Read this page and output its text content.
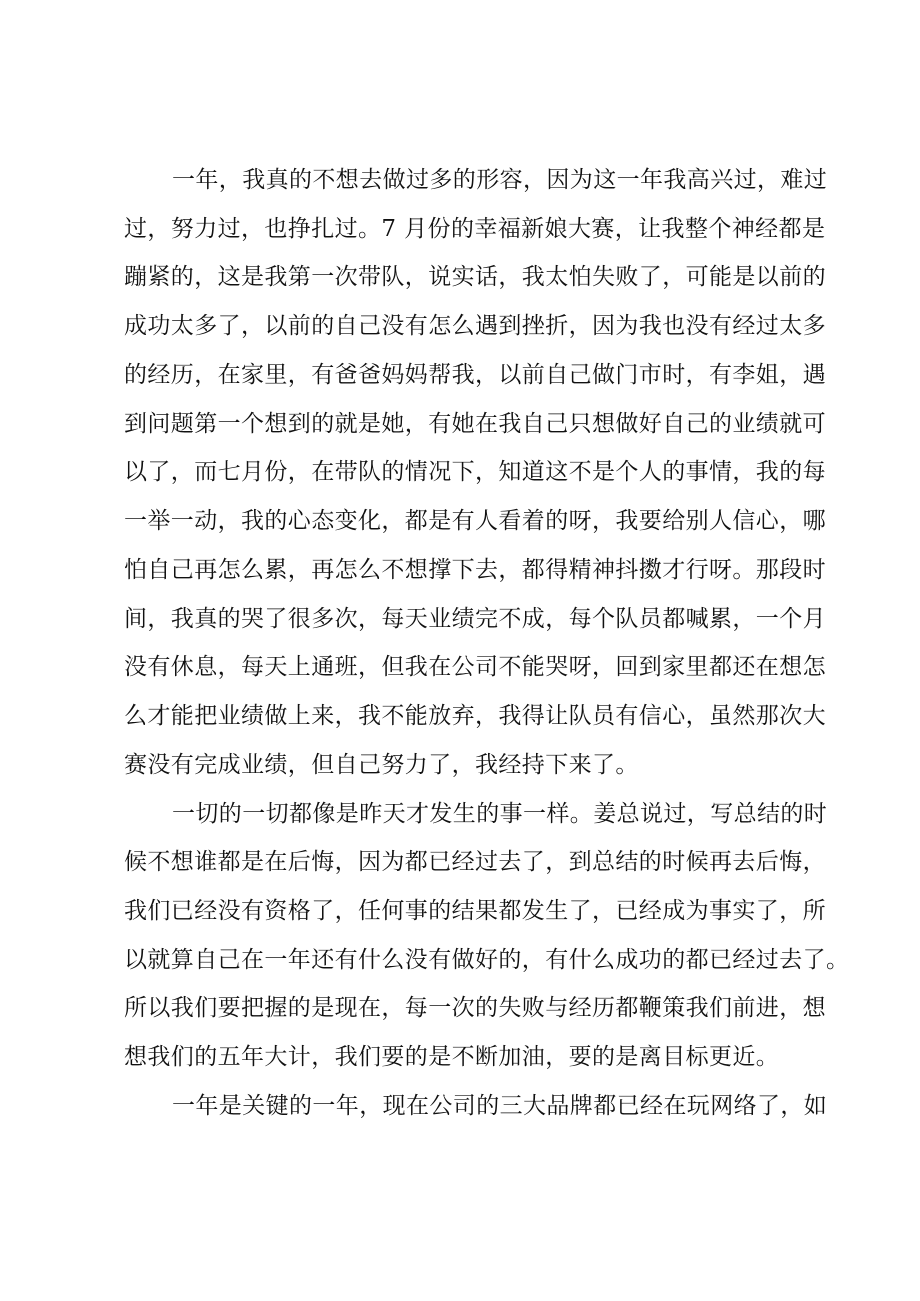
一年，我真的不想去做过多的形容，因为这一年我高兴过，难过
过，努力过，也挣扎过。7 月份的幸福新娘大赛，让我整个神经都是
蹦紧的，这是我第一次带队，说实话，我太怕失败了，可能是以前的
成功太多了，以前的自己没有怎么遇到挫折，因为我也没有经过太多
的经历，在家里，有爸爸妈妈帮我，以前自己做门市时，有李姐，遇
到问题第一个想到的就是她，有她在我自己只想做好自己的业绩就可
以了，而七月份，在带队的情况下，知道这不是个人的事情，我的每
一举一动，我的心态变化，都是有人看着的呀，我要给别人信心，哪
怕自己再怎么累，再怎么不想撑下去，都得精神抖擞才行呀。那段时
间，我真的哭了很多次，每天业绩完不成，每个队员都喊累，一个月
没有休息，每天上通班，但我在公司不能哭呀，回到家里都还在想怎
么才能把业绩做上来，我不能放弃，我得让队员有信心，虽然那次大
赛没有完成业绩，但自己努力了，我经持下来了。
一切的一切都像是昨天才发生的事一样。姜总说过，写总结的时
候不想谁都是在后悔，因为都已经过去了，到总结的时候再去后悔，
我们已经没有资格了，任何事的结果都发生了，已经成为事实了，所
以就算自己在一年还有什么没有做好的，有什么成功的都已经过去了。
所以我们要把握的是现在，每一次的失败与经历都鞭策我们前进，想
想我们的五年大计，我们要的是不断加油，要的是离目标更近。
一年是关键的一年，现在公司的三大品牌都已经在玩网络了，如
